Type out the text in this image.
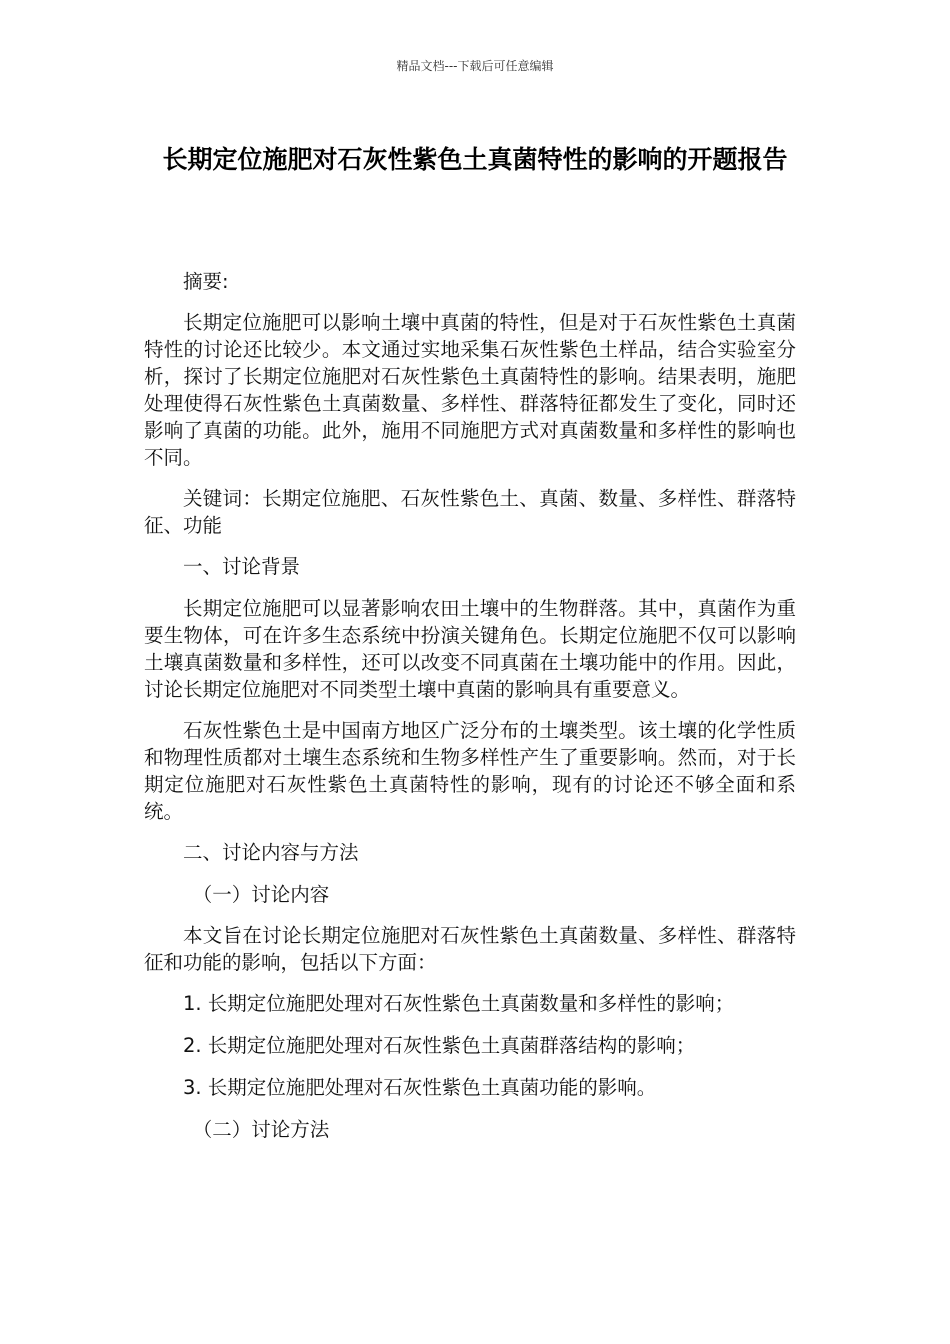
精品文档---下载后可任意编辑
长期定位施肥对石灰性紫色土真菌特性的影响的开题报告

摘要:

长期定位施肥可以影响土壤中真菌的特性，但是对于石灰性紫色土真菌特性的讨论还比较少。本文通过实地采集石灰性紫色土样品，结合实验室分析，探讨了长期定位施肥对石灰性紫色土真菌特性的影响。结果表明，施肥处理使得石灰性紫色土真菌数量、多样性、群落特征都发生了变化，同时还影响了真菌的功能。此外，施用不同施肥方式对真菌数量和多样性的影响也不同。

关键词：长期定位施肥、石灰性紫色土、真菌、数量、多样性、群落特征、功能

一、讨论背景

长期定位施肥可以显著影响农田土壤中的生物群落。其中，真菌作为重要生物体，可在许多生态系统中扮演关键角色。长期定位施肥不仅可以影响土壤真菌数量和多样性，还可以改变不同真菌在土壤功能中的作用。因此，讨论长期定位施肥对不同类型土壤中真菌的影响具有重要意义。

石灰性紫色土是中国南方地区广泛分布的土壤类型。该土壤的化学性质和物理性质都对土壤生态系统和生物多样性产生了重要影响。然而，对于长期定位施肥对石灰性紫色土真菌特性的影响，现有的讨论还不够全面和系统。

二、讨论内容与方法

（一）讨论内容

本文旨在讨论长期定位施肥对石灰性紫色土真菌数量、多样性、群落特征和功能的影响，包括以下方面：

1. 长期定位施肥处理对石灰性紫色土真菌数量和多样性的影响；

2. 长期定位施肥处理对石灰性紫色土真菌群落结构的影响；

3. 长期定位施肥处理对石灰性紫色土真菌功能的影响。

（二）讨论方法
